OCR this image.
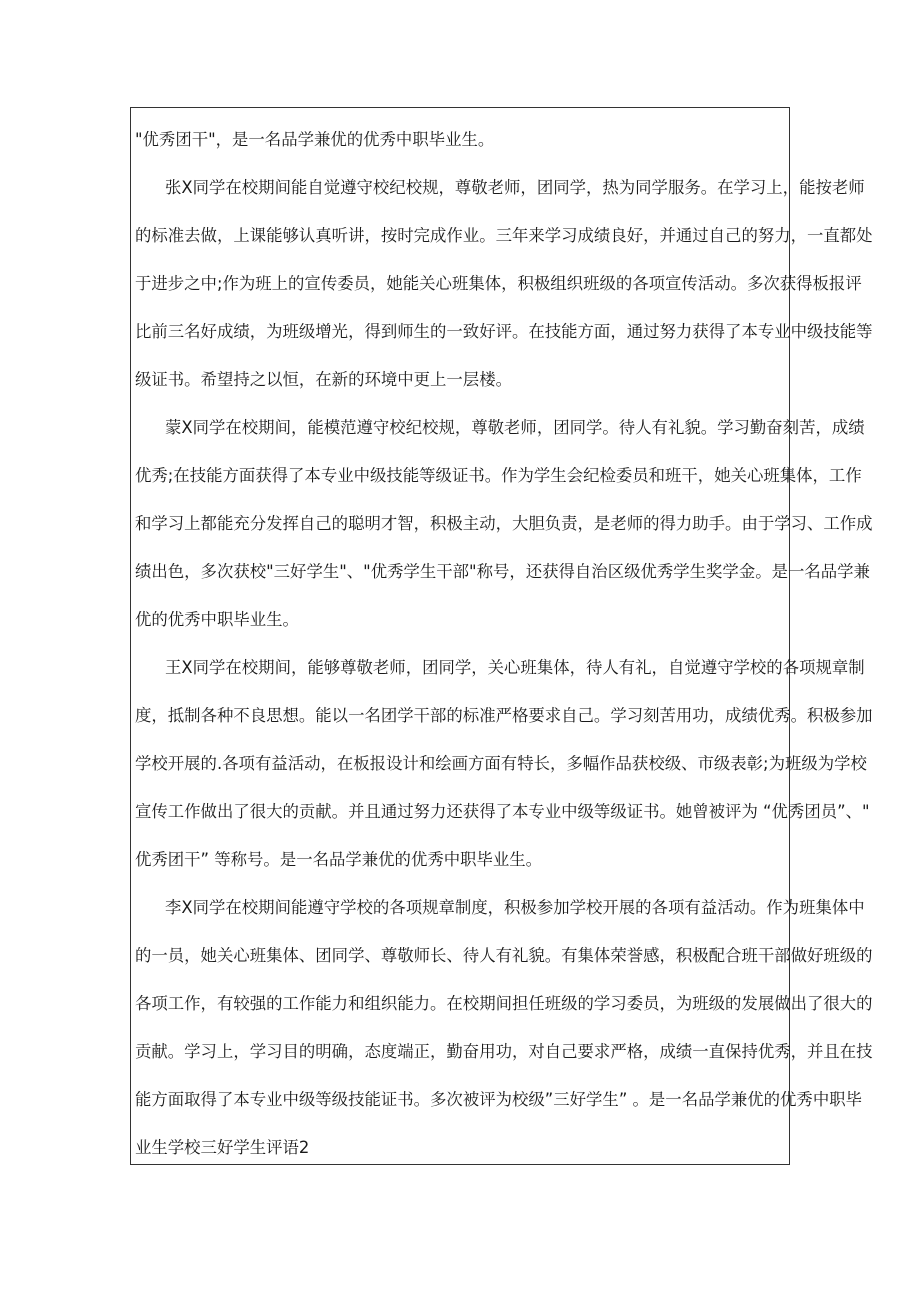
"优秀团干"，是一名品学兼优的优秀中职毕业生。
张X同学在校期间能自觉遵守校纪校规，尊敬老师，团同学，热为同学服务。在学习上，能按老师
的标准去做，上课能够认真听讲，按时完成作业。三年来学习成绩良好，并通过自己的努力，一直都处
于进步之中;作为班上的宣传委员，她能关心班集体，积极组织班级的各项宣传活动。多次获得板报评
比前三名好成绩，为班级增光，得到师生的一致好评。在技能方面，通过努力获得了本专业中级技能等
级证书。希望持之以恒，在新的环境中更上一层楼。
蒙X同学在校期间，能模范遵守校纪校规，尊敬老师，团同学。待人有礼貌。学习勤奋刻苦，成绩
优秀;在技能方面获得了本专业中级技能等级证书。作为学生会纪检委员和班干，她关心班集体，工作
和学习上都能充分发挥自己的聪明才智，积极主动，大胆负责，是老师的得力助手。由于学习、工作成
绩出色，多次获校"三好学生"、"优秀学生干部"称号，还获得自治区级优秀学生奖学金。是一名品学兼
优的优秀中职毕业生。
王X同学在校期间，能够尊敬老师，团同学，关心班集体，待人有礼，自觉遵守学校的各项规章制
度，抵制各种不良思想。能以一名团学干部的标准严格要求自己。学习刻苦用功，成绩优秀。积极参加
学校开展的.各项有益活动，在板报设计和绘画方面有特长，多幅作品获校级、市级表彰;为班级为学校
宣传工作做出了很大的贡献。并且通过努力还获得了本专业中级等级证书。她曾被评为 “优秀团员”、"
优秀团干” 等称号。是一名品学兼优的优秀中职毕业生。
李X同学在校期间能遵守学校的各项规章制度，积极参加学校开展的各项有益活动。作为班集体中
的一员，她关心班集体、团同学、尊敬师长、待人有礼貌。有集体荣誉感，积极配合班干部做好班级的
各项工作，有较强的工作能力和组织能力。在校期间担任班级的学习委员，为班级的发展做出了很大的
贡献。学习上，学习目的明确，态度端正，勤奋用功，对自己要求严格，成绩一直保持优秀，并且在技
能方面取得了本专业中级等级技能证书。多次被评为校级”三好学生” 。是一名品学兼优的优秀中职毕
业生学校三好学生评语2
